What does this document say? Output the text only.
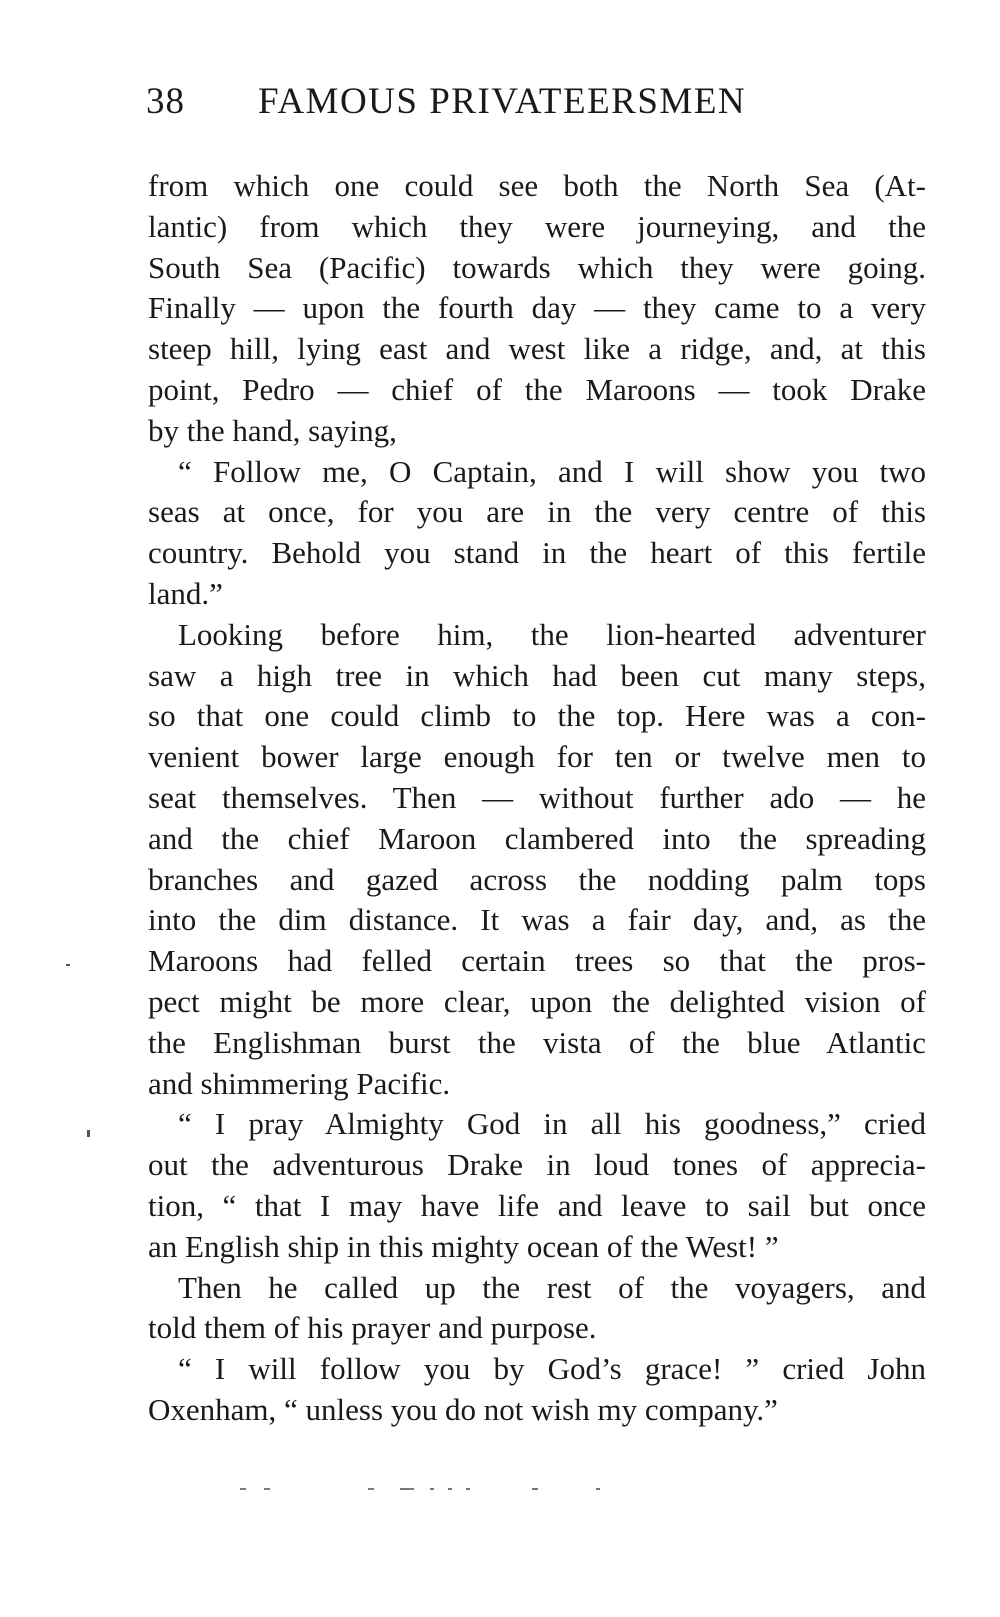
38 FAMOUS PRIVATEERSMEN
from which one could see both the North Sea (At-
lantic) from which they were journeying, and the
South Sea (Pacific) towards which they were going.
Finally — upon the fourth day — they came to a very
steep hill, lying east and west like a ridge, and, at this
point, Pedro — chief of the Maroons — took Drake
by the hand, saying,
“ Follow me, O Captain, and I will show you two
seas at once, for you are in the very centre of this
country. Behold you stand in the heart of this fertile
land.”
Looking before him, the lion-hearted adventurer
saw a high tree in which had been cut many steps,
so that one could climb to the top. Here was a con-
venient bower large enough for ten or twelve men to
seat themselves. Then — without further ado — he
and the chief Maroon clambered into the spreading
branches and gazed across the nodding palm tops
into the dim distance. It was a fair day, and, as the
Maroons had felled certain trees so that the pros-
pect might be more clear, upon the delighted vision of
the Englishman burst the vista of the blue Atlantic
and shimmering Pacific.
“ I pray Almighty God in all his goodness,” cried
out the adventurous Drake in loud tones of apprecia-
tion, “ that I may have life and leave to sail but once
an English ship in this mighty ocean of the West! ”
Then he called up the rest of the voyagers, and
told them of his prayer and purpose.
“ I will follow you by God’s grace! ” cried John
Oxenham, “ unless you do not wish my company.”
